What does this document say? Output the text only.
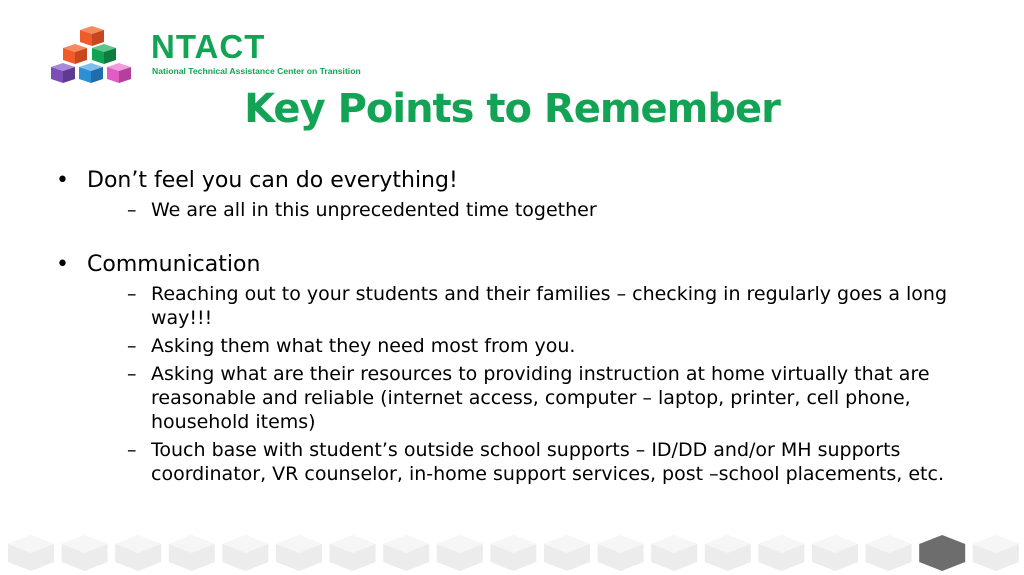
NTACT
National Technical Assistance Center on Transition
Key Points to Remember
• Don’t feel you can do everything!
– We are all in this unprecedented time together
• Communication
– Reaching out to your students and their families – checking in regularly goes a long way!!!
– Asking them what they need most from you.
– Asking what are their resources to providing instruction at home virtually that are reasonable and reliable (internet access, computer – laptop, printer, cell phone, household items)
– Touch base with student’s outside school supports – ID/DD and/or MH supports coordinator, VR counselor, in-home support services, post –school placements, etc.
